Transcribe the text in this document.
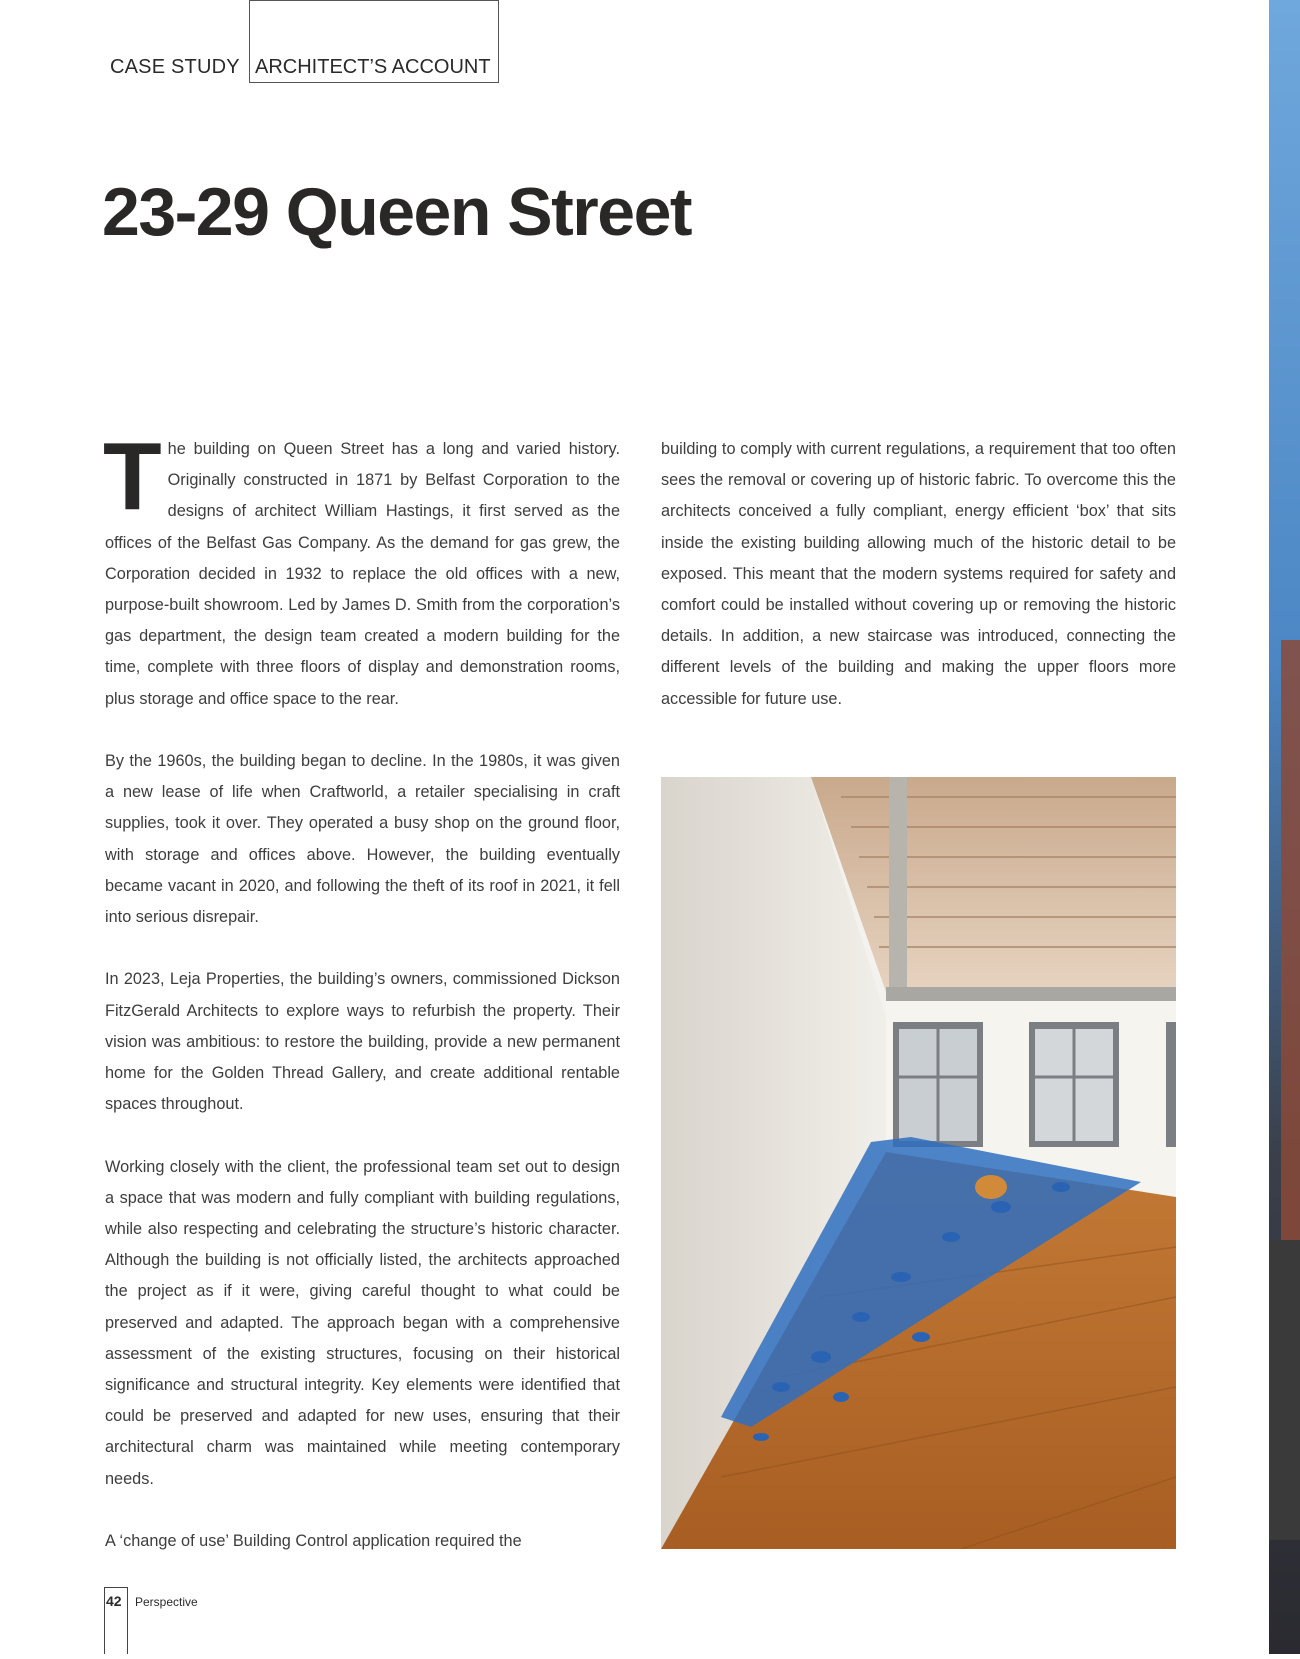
CASE STUDY ARCHITECT’S ACCOUNT
23-29 Queen Street

The building on Queen Street has a long and varied history. Originally constructed in 1871 by Belfast Corporation to the designs of architect William Hastings, it first served as the offices of the Belfast Gas Company. As the demand for gas grew, the Corporation decided in 1932 to replace the old offices with a new, purpose-built showroom. Led by James D. Smith from the corporation’s gas department, the design team created a modern building for the time, complete with three floors of display and demonstration rooms, plus storage and office space to the rear.

By the 1960s, the building began to decline. In the 1980s, it was given a new lease of life when Craftworld, a retailer specialising in craft supplies, took it over. They operated a busy shop on the ground floor, with storage and offices above. However, the building eventually became vacant in 2020, and following the theft of its roof in 2021, it fell into serious disrepair.

In 2023, Leja Properties, the building’s owners, commissioned Dickson FitzGerald Architects to explore ways to refurbish the property. Their vision was ambitious: to restore the building, provide a new permanent home for the Golden Thread Gallery, and create additional rentable spaces throughout.

Working closely with the client, the professional team set out to design a space that was modern and fully compliant with building regulations, while also respecting and celebrating the structure’s historic character. Although the building is not officially listed, the architects approached the project as if it were, giving careful thought to what could be preserved and adapted. The approach began with a comprehensive assessment of the existing structures, focusing on their historical significance and structural integrity. Key elements were identified that could be preserved and adapted for new uses, ensuring that their architectural charm was maintained while meeting contemporary needs.

A ‘change of use’ Building Control application required the

building to comply with current regulations, a requirement that too often sees the removal or covering up of historic fabric. To overcome this the architects conceived a fully compliant, energy efficient ‘box’ that sits inside the existing building allowing much of the historic detail to be exposed. This meant that the modern systems required for safety and comfort could be installed without covering up or removing the historic details. In addition, a new staircase was introduced, connecting the different levels of the building and making the upper floors more accessible for future use.

42 Perspective
